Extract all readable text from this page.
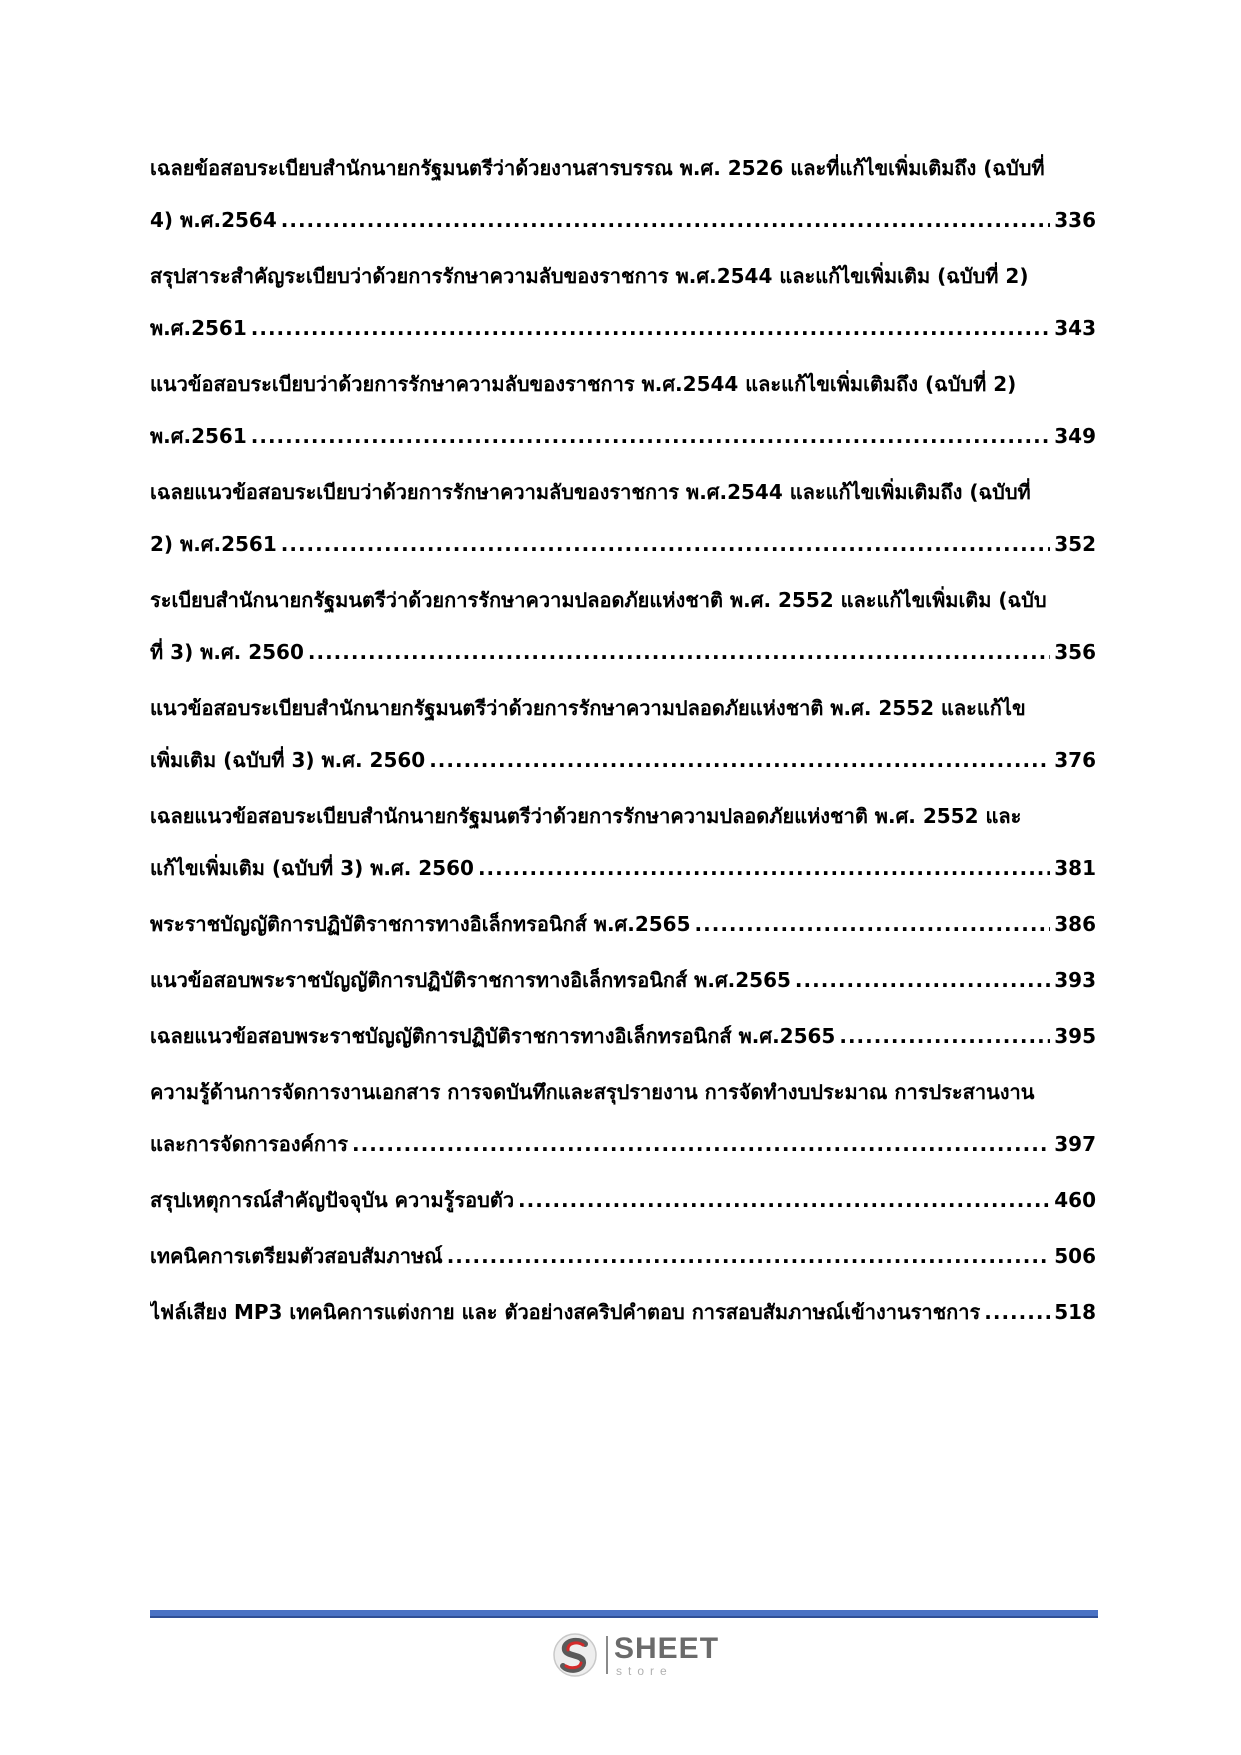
เฉลยข้อสอบระเบียบสำนักนายกรัฐมนตรีว่าด้วยงานสารบรรณ พ.ศ. 2526 และที่แก้ไขเพิ่มเติมถึง (ฉบับที่
4) พ.ศ.2564 .....	336
สรุปสาระสำคัญระเบียบว่าด้วยการรักษาความลับของราชการ พ.ศ.2544 และแก้ไขเพิ่มเติม (ฉบับที่ 2)
พ.ศ.2561 .....	343
แนวข้อสอบระเบียบว่าด้วยการรักษาความลับของราชการ พ.ศ.2544 และแก้ไขเพิ่มเติมถึง (ฉบับที่ 2)
พ.ศ.2561 .....	349
เฉลยแนวข้อสอบระเบียบว่าด้วยการรักษาความลับของราชการ พ.ศ.2544 และแก้ไขเพิ่มเติมถึง (ฉบับที่
2) พ.ศ.2561 .....	352
ระเบียบสำนักนายกรัฐมนตรีว่าด้วยการรักษาความปลอดภัยแห่งชาติ พ.ศ. 2552 และแก้ไขเพิ่มเติม (ฉบับ
ที่ 3) พ.ศ. 2560 .....	356
แนวข้อสอบระเบียบสำนักนายกรัฐมนตรีว่าด้วยการรักษาความปลอดภัยแห่งชาติ พ.ศ. 2552 และแก้ไข
เพิ่มเติม (ฉบับที่ 3) พ.ศ. 2560 .....	376
เฉลยแนวข้อสอบระเบียบสำนักนายกรัฐมนตรีว่าด้วยการรักษาความปลอดภัยแห่งชาติ พ.ศ. 2552 และ
แก้ไขเพิ่มเติม (ฉบับที่ 3) พ.ศ. 2560 .....	381
พระราชบัญญัติการปฏิบัติราชการทางอิเล็กทรอนิกส์ พ.ศ.2565 .....	386
แนวข้อสอบพระราชบัญญัติการปฏิบัติราชการทางอิเล็กทรอนิกส์ พ.ศ.2565 .....	393
เฉลยแนวข้อสอบพระราชบัญญัติการปฏิบัติราชการทางอิเล็กทรอนิกส์ พ.ศ.2565 .....	395
ความรู้ด้านการจัดการงานเอกสาร การจดบันทึกและสรุปรายงาน การจัดทำงบประมาณ การประสานงาน
และการจัดการองค์การ .....	397
สรุปเหตุการณ์สำคัญปัจจุบัน ความรู้รอบตัว .....	460
เทคนิคการเตรียมตัวสอบสัมภาษณ์ .....	506
ไฟล์เสียง MP3 เทคนิคการแต่งกาย และ ตัวอย่างสคริปคำตอบ การสอบสัมภาษณ์เข้างานราชการ .....	518
SHEET
store
